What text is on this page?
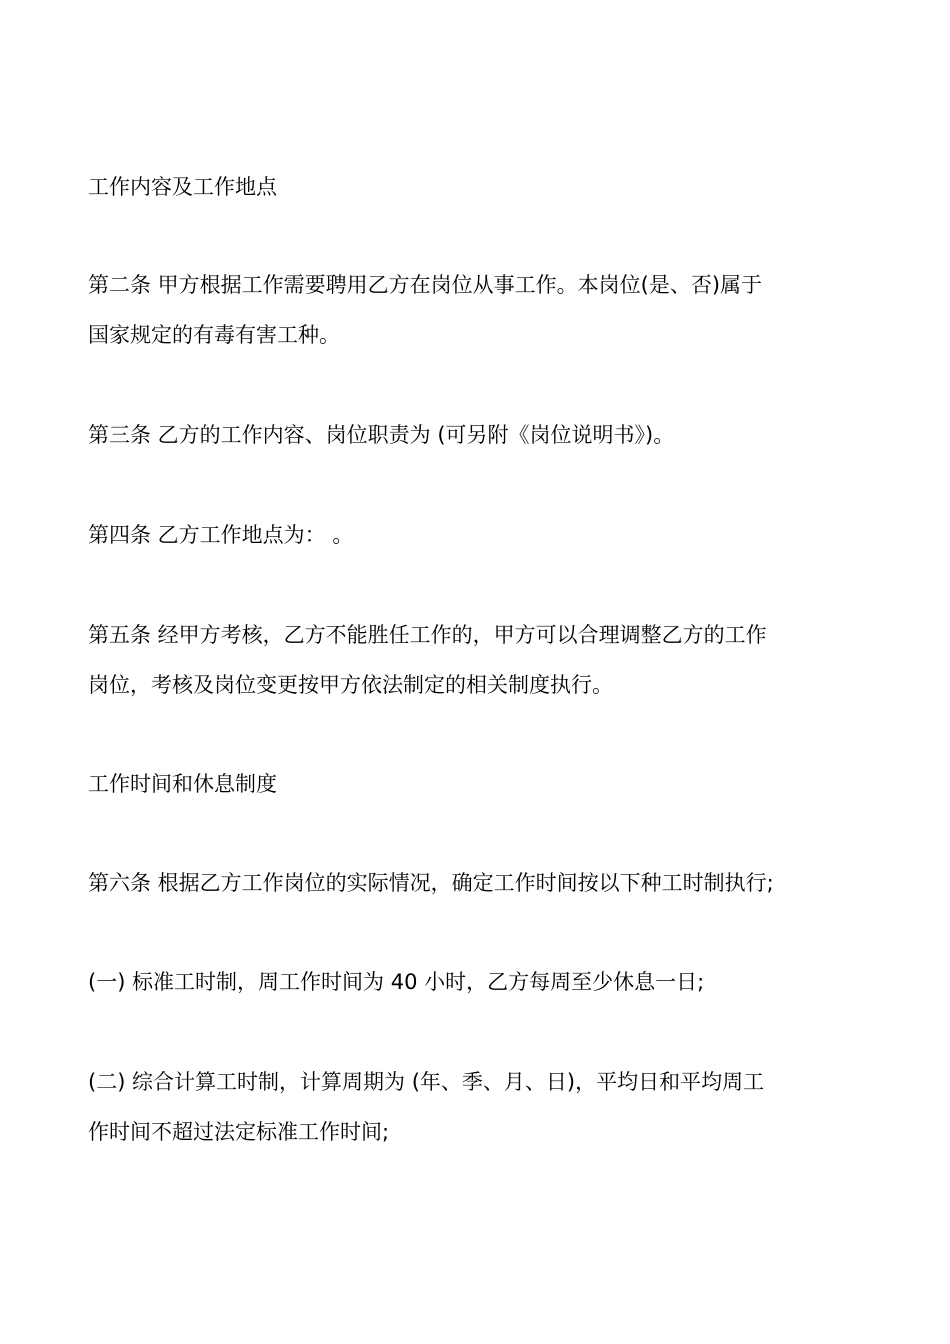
工作内容及工作地点
第二条 甲方根据工作需要聘用乙方在岗位从事工作。本岗位(是、否)属于
国家规定的有毒有害工种。
第三条 乙方的工作内容、岗位职责为 (可另附《岗位说明书》)。
第四条 乙方工作地点为： 。
第五条 经甲方考核，乙方不能胜任工作的，甲方可以合理调整乙方的工作
岗位，考核及岗位变更按甲方依法制定的相关制度执行。
工作时间和休息制度
第六条 根据乙方工作岗位的实际情况，确定工作时间按以下种工时制执行;
(一) 标准工时制，周工作时间为 40 小时，乙方每周至少休息一日;
(二) 综合计算工时制，计算周期为 (年、季、月、日)，平均日和平均周工
作时间不超过法定标准工作时间;
